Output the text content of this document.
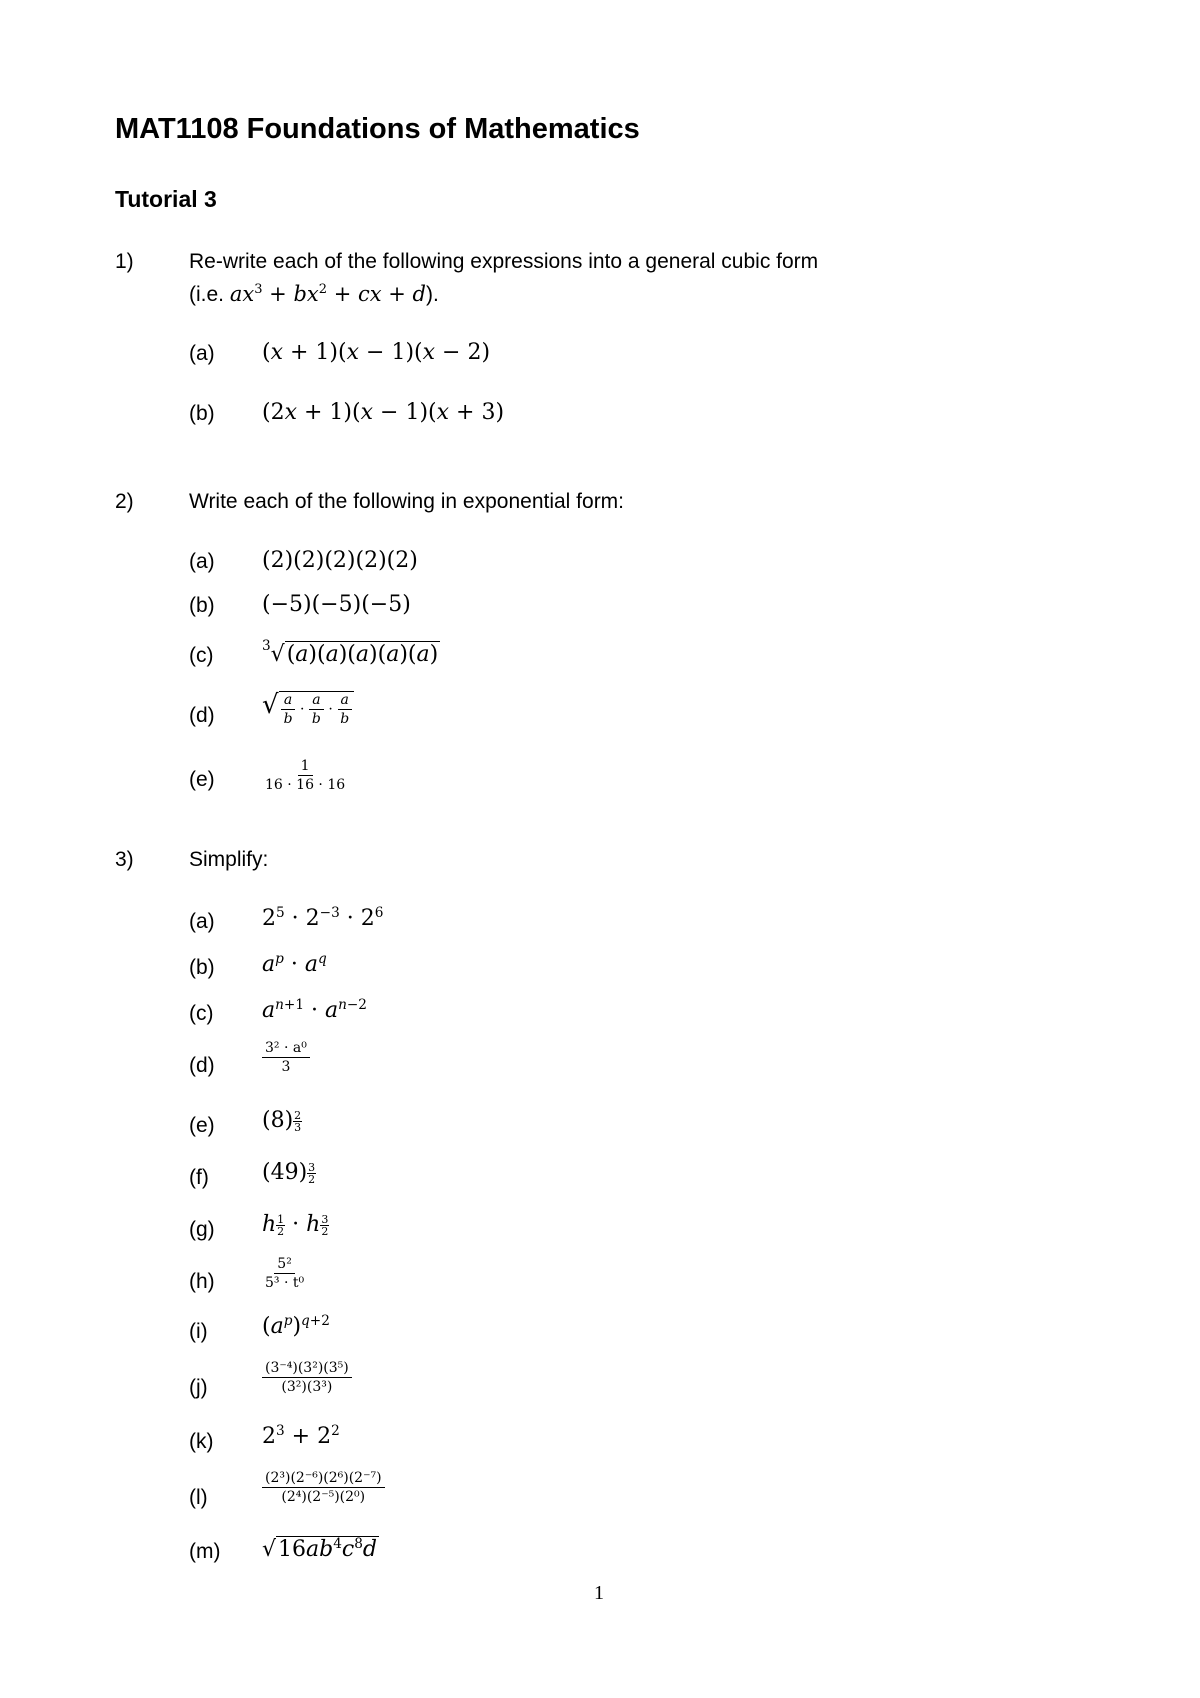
MAT1108 Foundations of Mathematics
Tutorial 3
1)	Re-write each of the following expressions into a general cubic form
(i.e. $ax^3 + bx^2$ + cx + d).
(a) (x + 1)(x − 1)(x − 2)
(b) (2x + 1)(x − 1)(x + 3)
2)	Write each of the following in exponential form:
(a) (2)(2)(2)(2)(2)
(b) (−5)(−5)(−5)
(c)	$^3$√(a)(a)(a)(a)(a)
(d) √ $\frac{a}{b} \cdot \frac{a}{b} \cdot \frac{a}{b}$
(e)	$\frac{1}{16 \cdot 16 \cdot 16}$
3)	Simplify:
(a) $2^5 \cdot 2^{-3} \cdot 2^6$
(b) $a^p \cdot a^q$
(c) $a^{n+1} \cdot a^{n-2}$
(d)	$\frac{\text{3² · a⁰}}{3}$
(e) $(8) \frac{2}{3}$
(f) $(49) \frac{3}{2}$
(g) h $\frac{1}{2} \cdot h \frac{3}{2}$
(h)	$\frac{\text{5²}}{\text{5³ · t⁰}}$
(i) $(a^p)^{q+2}$
(j)	$\frac{\text{(3⁻⁴)(3²)(3⁵)}}{\text{(3²)(3³)}}$
(k) $2^3 + 2^2$
(l)	$\frac{\text{(2³)(2⁻⁶)(2⁶)(2⁻⁷)}}{\text{(2⁴)(2⁻⁵)(2⁰)}}$
(m) $√16ab^4c^8d$
1
